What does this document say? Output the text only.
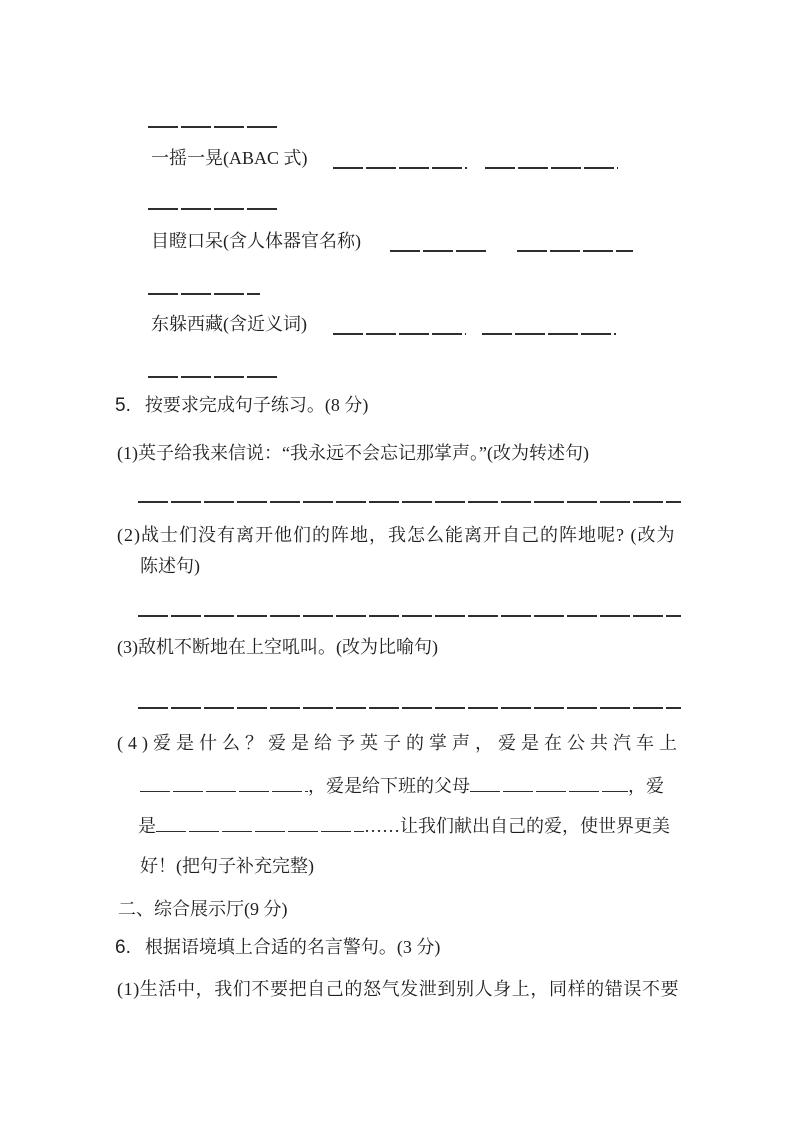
一摇一晃(ABAC 式)
目瞪口呆(含人体器官名称)
东躲西藏(含近义词)
5. 按要求完成句子练习。(8 分)
(1)英子给我来信说：“我永远不会忘记那掌声。”(改为转述句)
(2)战士们没有离开他们的阵地，我怎么能离开自己的阵地呢? (改为
陈述句)
(3)敌机不断地在上空吼叫。(改为比喻句)
(4)爱是什么？爱是给予英子的掌声，爱是在公共汽车上
，爱是给下班的父母	，爱
是	……让我们献出自己的爱，使世界更美
好！(把句子补充完整)
二、综合展示厅(9 分)
6. 根据语境填上合适的名言警句。(3 分)
(1)生活中，我们不要把自己的怒气发泄到别人身上，同样的错误不要
